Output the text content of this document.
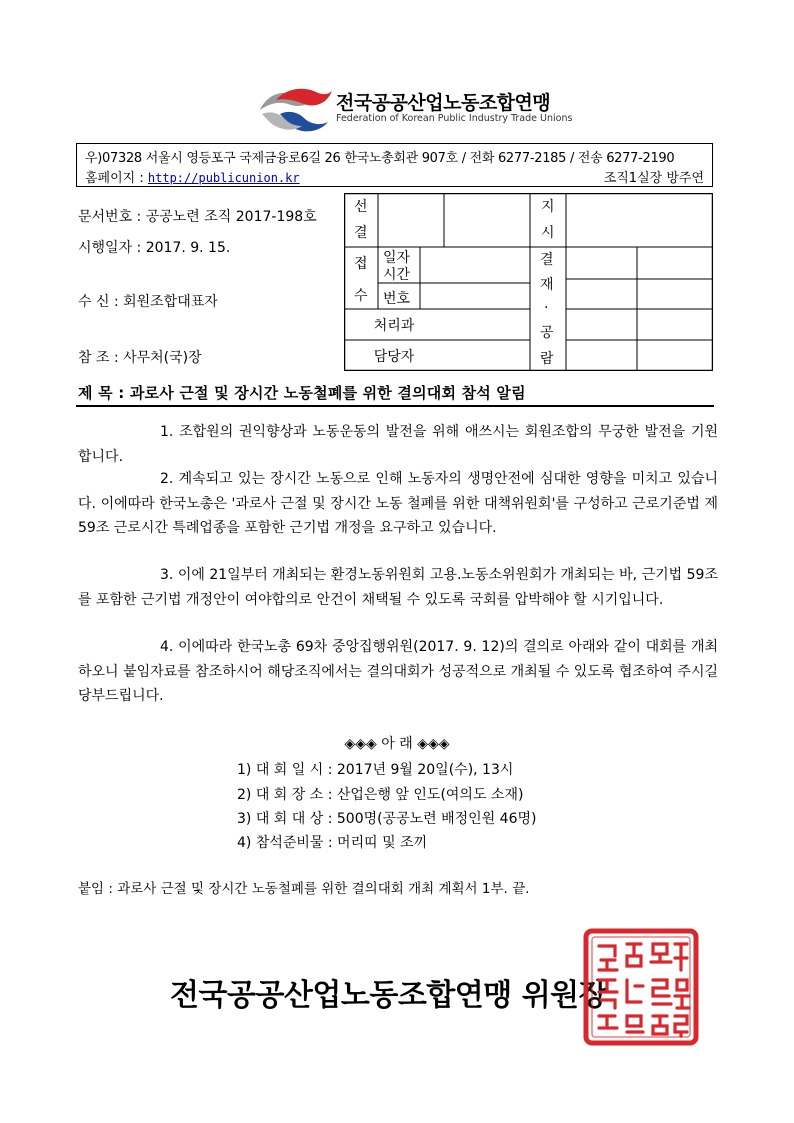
전국공공산업노동조합연맹
Federation of Korean Public Industry Trade Unions
우)07328 서울시 영등포구 국제금융로6길 26 한국노총회관 907호 / 전화 6277-2185 / 전송 6277-2190
홈페이지 : http://publicunion.kr	조직1실장 방주연
문서번호 : 공공노련 조직 2017-198호
시행일자 : 2017. 9. 15.
수 신 : 회원조합대표자
참 조 : 사무처(국)장
선
결
지
시
접
수
일자
시간
번호
처리과
담당자
결
재
.
공
람
제 목 : 과로사 근절 및 장시간 노동철폐를 위한 결의대회 참석 알림
1. 조합원의 권익향상과 노동운동의 발전을 위해 애쓰시는 회원조합의 무궁한 발전을 기원합니다.
2. 계속되고 있는 장시간 노동으로 인해 노동자의 생명안전에 심대한 영향을 미치고 있습니다. 이에따라 한국노총은 '과로사 근절 및 장시간 노동 철폐를 위한 대책위원회'를 구성하고 근로기준법 제 59조 근로시간 특례업종을 포함한 근기법 개정을 요구하고 있습니다.
3. 이에 21일부터 개최되는 환경노동위원회 고용.노동소위원회가 개최되는 바, 근기법 59조를 포함한 근기법 개정안이 여야합의로 안건이 채택될 수 있도록 국회를 압박해야 할 시기입니다.
4. 이에따라 한국노총 69차 중앙집행위원(2017. 9. 12)의 결의로 아래와 같이 대회를 개최하오니 붙임자료를 참조하시어 해당조직에서는 결의대회가 성공적으로 개최될 수 있도록 협조하여 주시길 당부드립니다.
◈◈◈ 아 래 ◈◈◈
1) 대 회 일 시 : 2017년 9월 20일(수), 13시
2) 대 회 장 소 : 산업은행 앞 인도(여의도 소재)
3) 대 회 대 상 : 500명(공공노련 배정인원 46명)
4) 참석준비물 : 머리띠 및 조끼
붙임 : 과로사 근절 및 장시간 노동철폐를 위한 결의대회 개최 계획서 1부. 끝.
전국공공산업노동조합연맹 위원장
